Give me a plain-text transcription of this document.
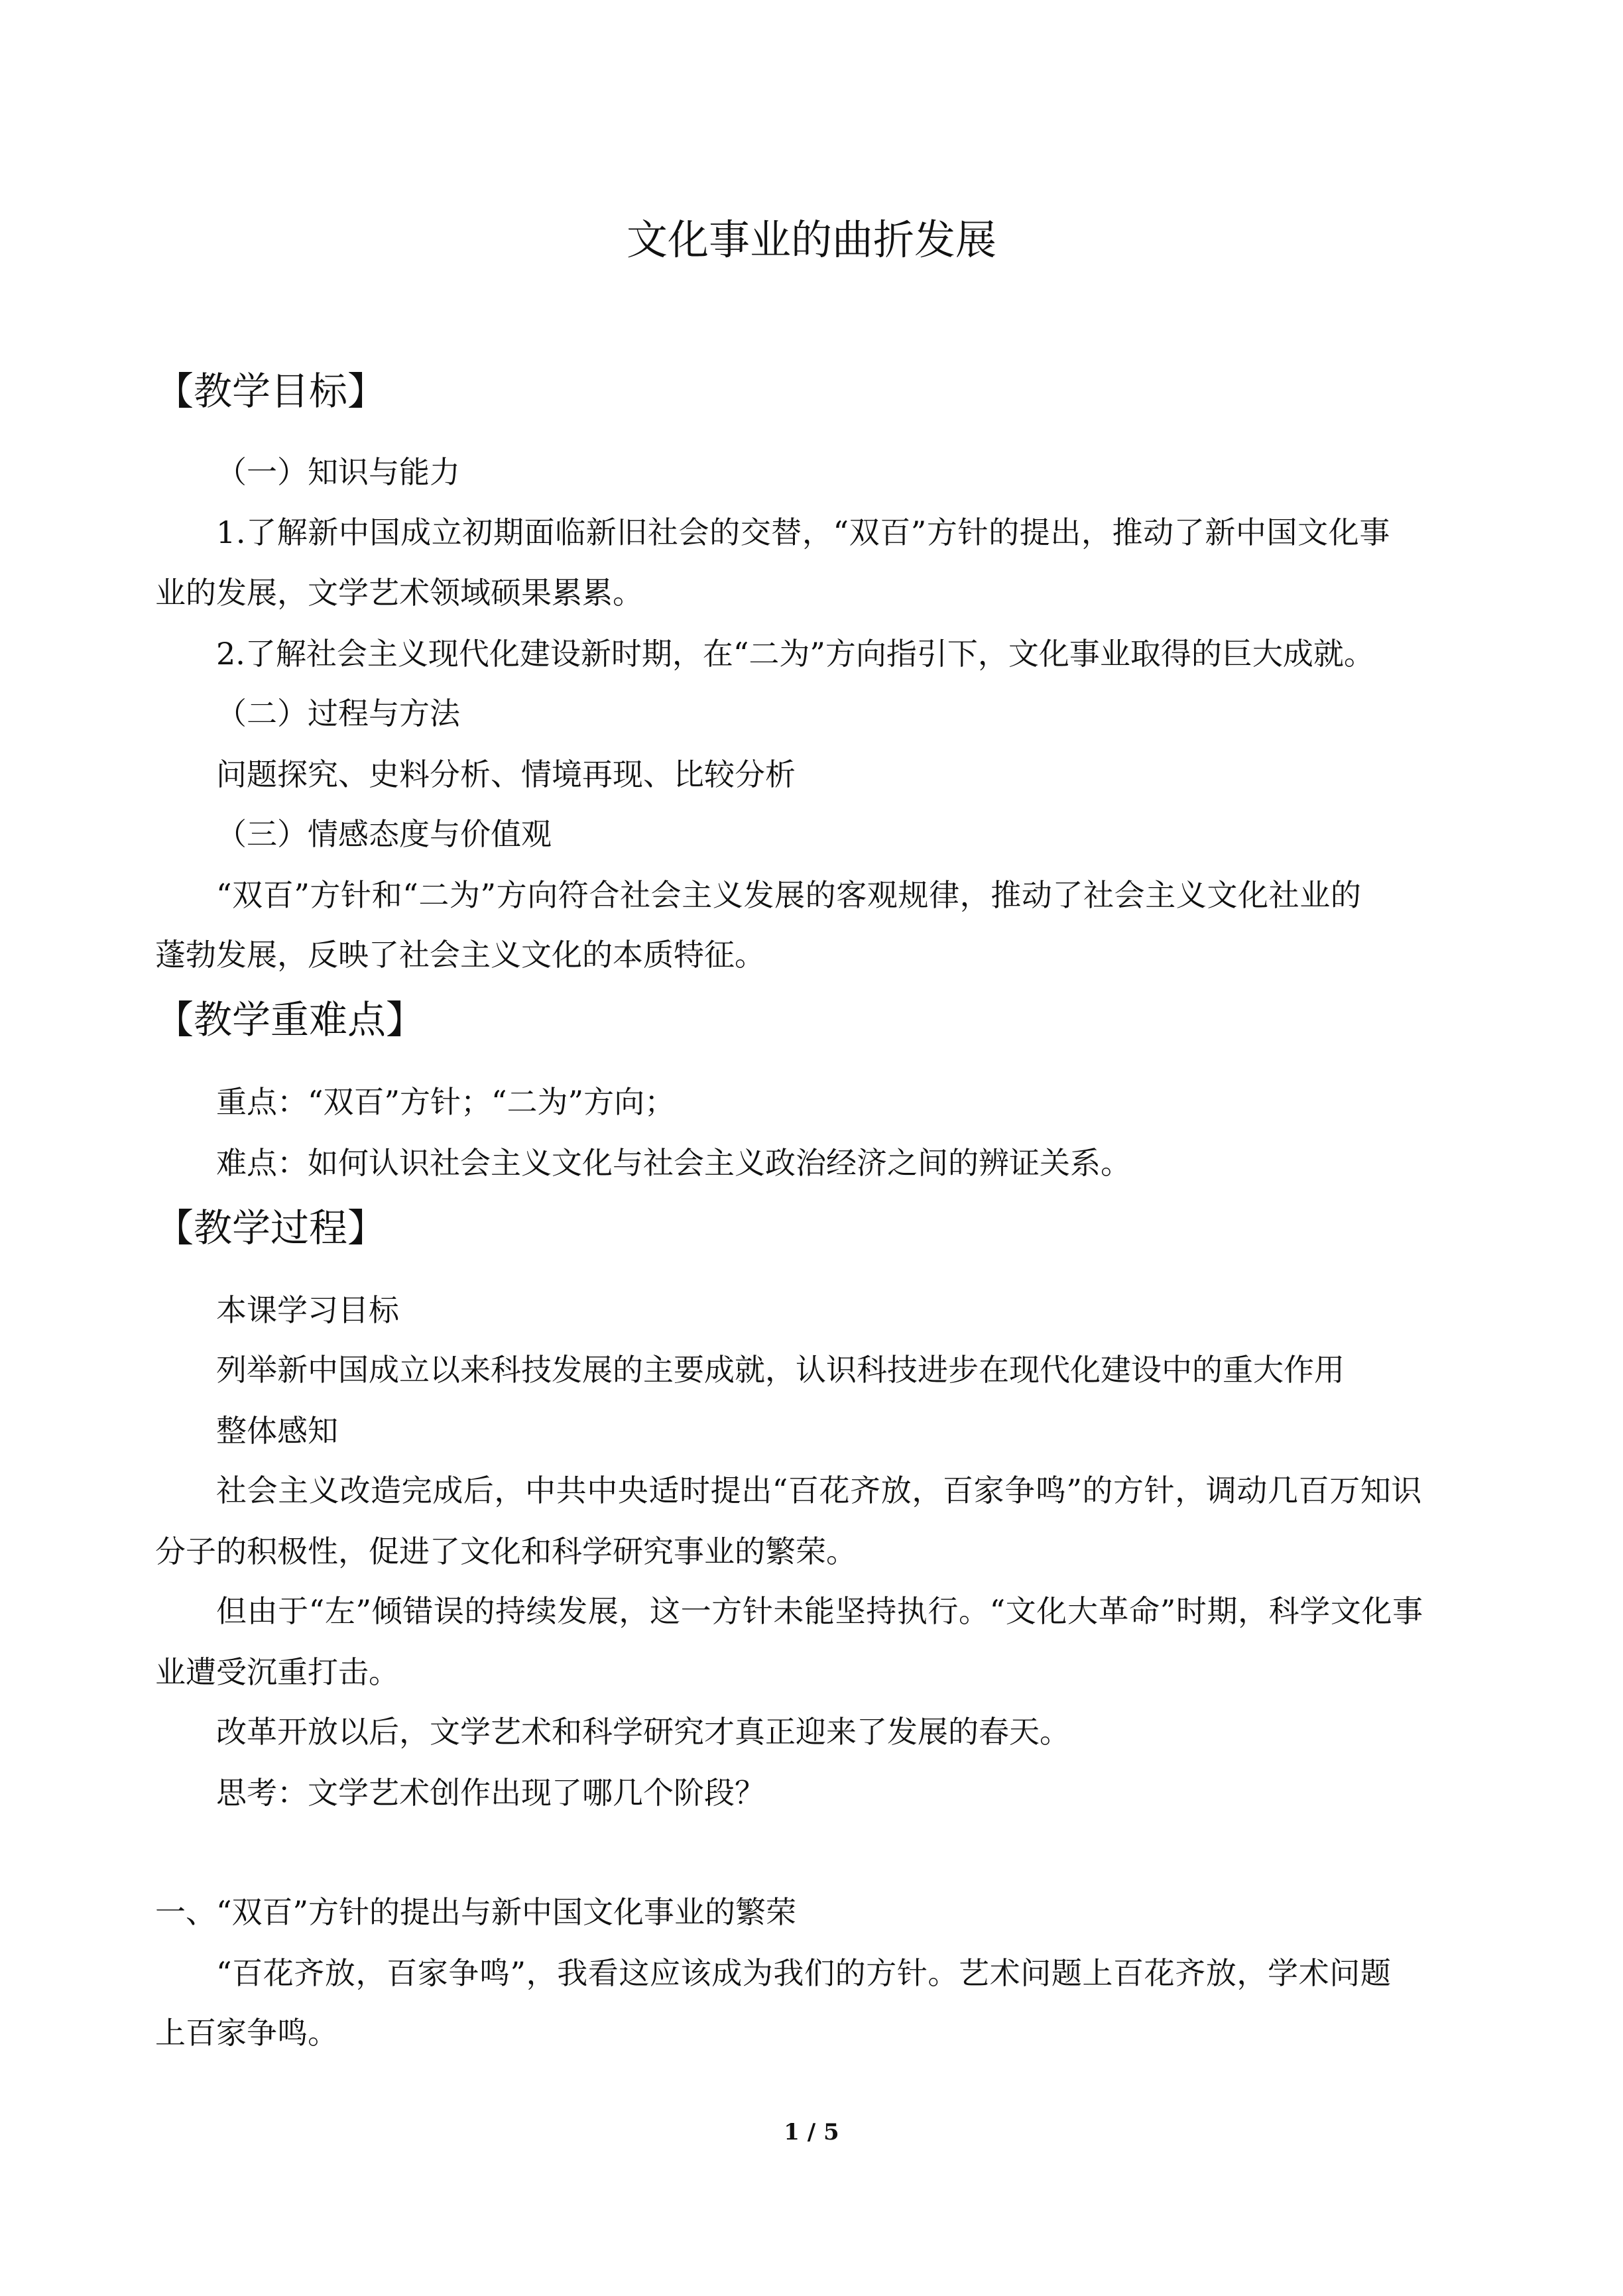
文化事业的曲折发展
【教学目标】
（一）知识与能力
1.了解新中国成立初期面临新旧社会的交替，“双百”方针的提出，推动了新中国文化事
业的发展，文学艺术领域硕果累累。
2.了解社会主义现代化建设新时期，在“二为”方向指引下，文化事业取得的巨大成就。
（二）过程与方法
问题探究、史料分析、情境再现、比较分析
（三）情感态度与价值观
“双百”方针和“二为”方向符合社会主义发展的客观规律，推动了社会主义文化社业的
蓬勃发展，反映了社会主义文化的本质特征。
【教学重难点】
重点：“双百”方针；“二为”方向；
难点：如何认识社会主义文化与社会主义政治经济之间的辨证关系。
【教学过程】
本课学习目标
列举新中国成立以来科技发展的主要成就，认识科技进步在现代化建设中的重大作用
整体感知
社会主义改造完成后，中共中央适时提出“百花齐放，百家争鸣”的方针，调动几百万知识
分子的积极性，促进了文化和科学研究事业的繁荣。
但由于“左”倾错误的持续发展，这一方针未能坚持执行。“文化大革命”时期，科学文化事
业遭受沉重打击。
改革开放以后，文学艺术和科学研究才真正迎来了发展的春天。
思考：文学艺术创作出现了哪几个阶段？
一、“双百”方针的提出与新中国文化事业的繁荣
“百花齐放，百家争鸣”，我看这应该成为我们的方针。艺术问题上百花齐放，学术问题
上百家争鸣。
1 / 5
